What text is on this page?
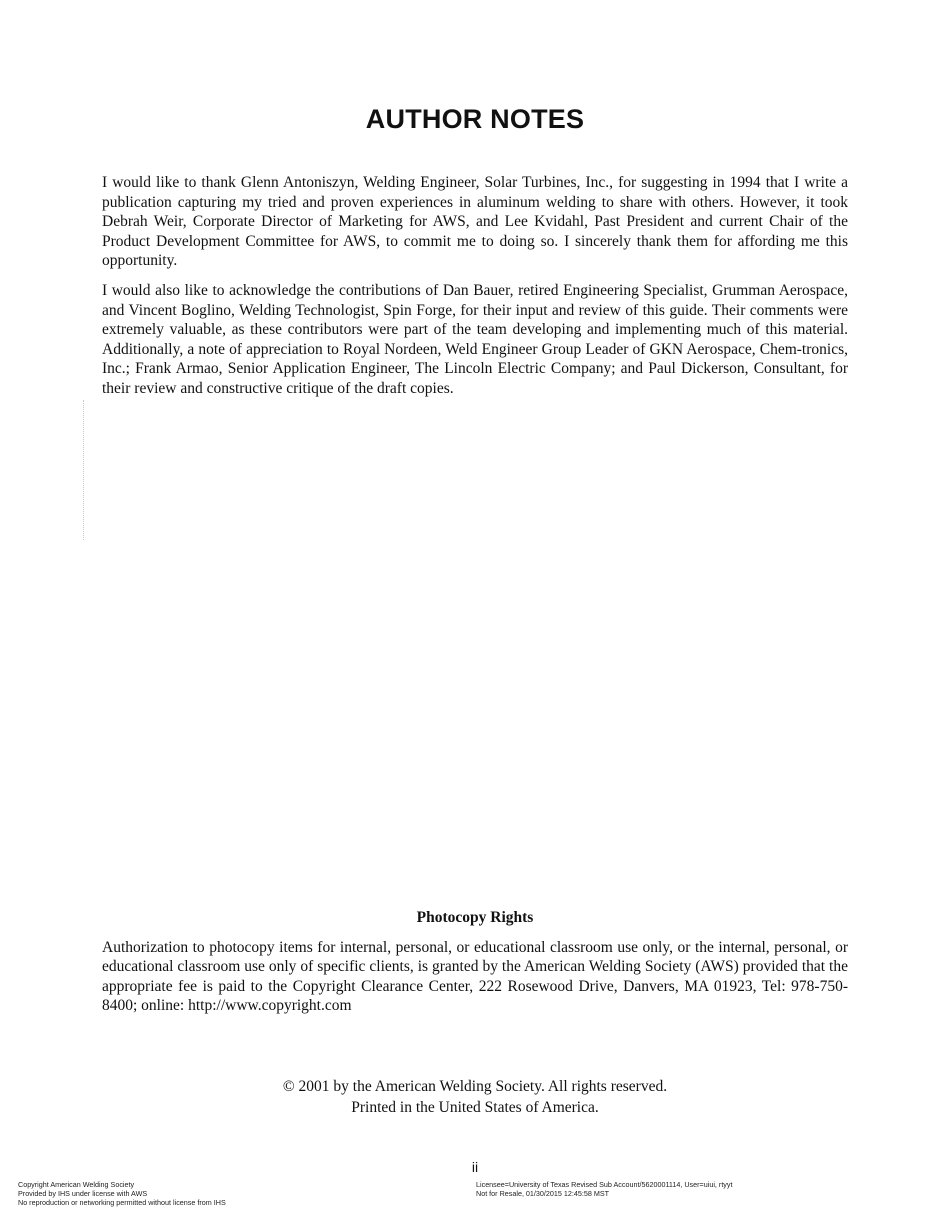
AUTHOR NOTES

I would like to thank Glenn Antoniszyn, Welding Engineer, Solar Turbines, Inc., for suggesting in 1994 that I write a publication capturing my tried and proven experiences in aluminum welding to share with others. However, it took Debrah Weir, Corporate Director of Marketing for AWS, and Lee Kvidahl, Past President and current Chair of the Product Development Committee for AWS, to commit me to doing so. I sincerely thank them for affording me this opportunity.

I would also like to acknowledge the contributions of Dan Bauer, retired Engineering Specialist, Grumman Aerospace, and Vincent Boglino, Welding Technologist, Spin Forge, for their input and review of this guide. Their comments were extremely valuable, as these contributors were part of the team developing and implementing much of this material. Additionally, a note of appreciation to Royal Nordeen, Weld Engineer Group Leader of GKN Aerospace, Chem-tronics, Inc.; Frank Armao, Senior Application Engineer, The Lincoln Electric Company; and Paul Dickerson, Consultant, for their review and constructive critique of the draft copies.

Photocopy Rights

Authorization to photocopy items for internal, personal, or educational classroom use only, or the internal, personal, or educational classroom use only of specific clients, is granted by the American Welding Society (AWS) provided that the appropriate fee is paid to the Copyright Clearance Center, 222 Rosewood Drive, Danvers, MA 01923, Tel: 978-750-8400; online: http://www.copyright.com

© 2001 by the American Welding Society. All rights reserved.
Printed in the United States of America.
ii
Copyright American Welding Society
Provided by IHS under license with AWS
No reproduction or networking permitted without license from IHS
Licensee=University of Texas Revised Sub Account/5620001114, User=uiui, rtyyt
Not for Resale, 01/30/2015 12:45:58 MST
